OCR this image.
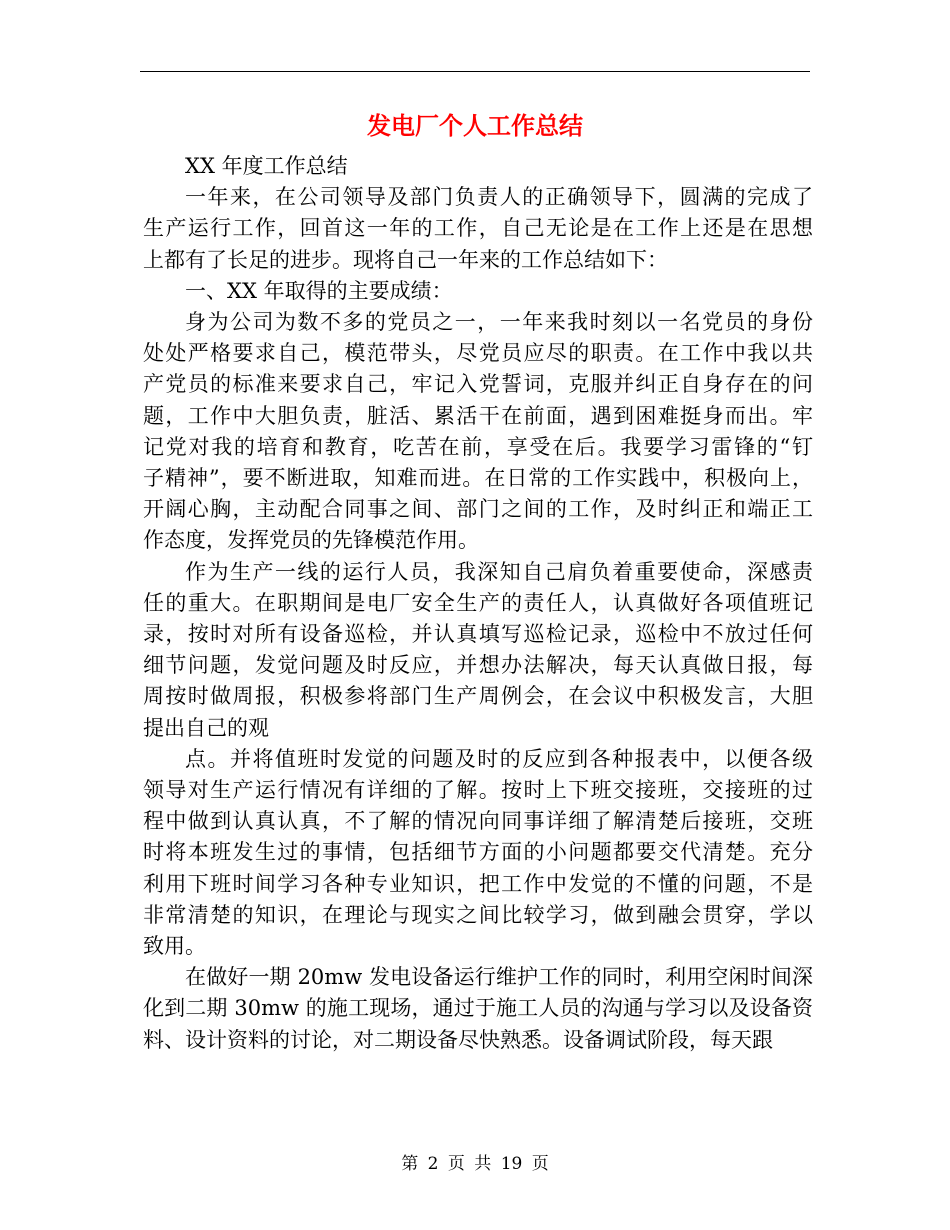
发电厂个人工作总结

XX 年度工作总结

一年来，在公司领导及部门负责人的正确领导下，圆满的完成了
生产运行工作，回首这一年的工作，自己无论是在工作上还是在思想
上都有了长足的进步。现将自己一年来的工作总结如下：

一、XX 年取得的主要成绩：

身为公司为数不多的党员之一，一年来我时刻以一名党员的身份
处处严格要求自己，模范带头，尽党员应尽的职责。在工作中我以共
产党员的标准来要求自己，牢记入党誓词，克服并纠正自身存在的问
题，工作中大胆负责，脏活、累活干在前面，遇到困难挺身而出。牢
记党对我的培育和教育，吃苦在前，享受在后。我要学习雷锋的“钉
子精神”，要不断进取，知难而进。在日常的工作实践中，积极向上，
开阔心胸，主动配合同事之间、部门之间的工作，及时纠正和端正工
作态度，发挥党员的先锋模范作用。

作为生产一线的运行人员，我深知自己肩负着重要使命，深感责
任的重大。在职期间是电厂安全生产的责任人，认真做好各项值班记
录，按时对所有设备巡检，并认真填写巡检记录，巡检中不放过任何
细节问题，发觉问题及时反应，并想办法解决，每天认真做日报，每
周按时做周报，积极参将部门生产周例会，在会议中积极发言，大胆
提出自己的观

点。并将值班时发觉的问题及时的反应到各种报表中，以便各级
领导对生产运行情况有详细的了解。按时上下班交接班，交接班的过
程中做到认真认真，不了解的情况向同事详细了解清楚后接班，交班
时将本班发生过的事情，包括细节方面的小问题都要交代清楚。充分
利用下班时间学习各种专业知识，把工作中发觉的不懂的问题，不是
非常清楚的知识，在理论与现实之间比较学习，做到融会贯穿，学以
致用。

在做好一期 20mw 发电设备运行维护工作的同时，利用空闲时间深
化到二期 30mw 的施工现场，通过于施工人员的沟通与学习以及设备资
料、设计资料的讨论，对二期设备尽快熟悉。设备调试阶段，每天跟

第 2 页 共 19 页
